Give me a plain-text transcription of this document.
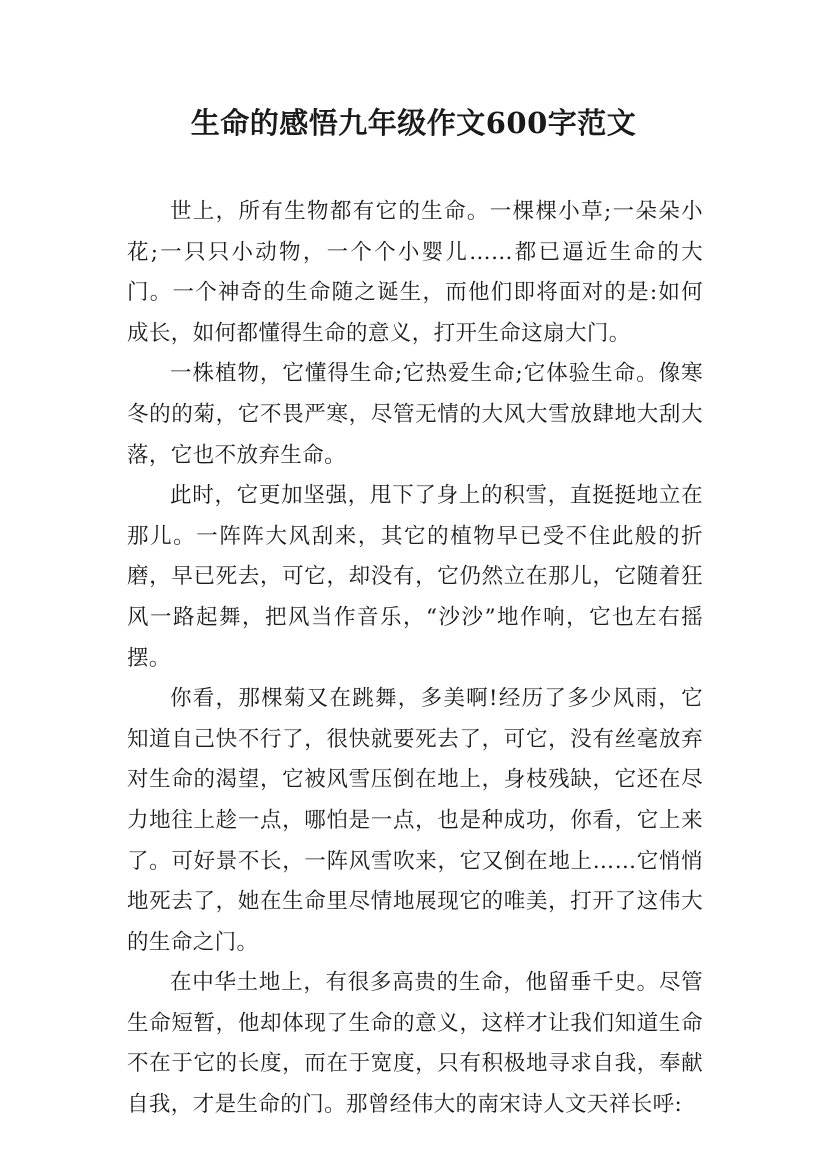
生命的感悟九年级作文600字范文

世上，所有生物都有它的生命。一棵棵小草;一朵朵小花;一只只小动物，一个个小婴儿……都已逼近生命的大门。一个神奇的生命随之诞生，而他们即将面对的是:如何成长，如何都懂得生命的意义，打开生命这扇大门。

一株植物，它懂得生命;它热爱生命;它体验生命。像寒冬的的菊，它不畏严寒，尽管无情的大风大雪放肆地大刮大落，它也不放弃生命。

此时，它更加坚强，甩下了身上的积雪，直挺挺地立在那儿。一阵阵大风刮来，其它的植物早已受不住此般的折磨，早已死去，可它，却没有，它仍然立在那儿，它随着狂风一路起舞，把风当作音乐，“沙沙”地作响，它也左右摇摆。

你看，那棵菊又在跳舞，多美啊!经历了多少风雨，它知道自己快不行了，很快就要死去了，可它，没有丝毫放弃对生命的渴望，它被风雪压倒在地上，身枝残缺，它还在尽力地往上趁一点，哪怕是一点，也是种成功，你看，它上来了。可好景不长，一阵风雪吹来，它又倒在地上……它悄悄地死去了，她在生命里尽情地展现它的唯美，打开了这伟大的生命之门。

在中华土地上，有很多高贵的生命，他留垂千史。尽管生命短暂，他却体现了生命的意义，这样才让我们知道生命不在于它的长度，而在于宽度，只有积极地寻求自我，奉献自我，才是生命的门。那曾经伟大的南宋诗人文天祥长呼:
